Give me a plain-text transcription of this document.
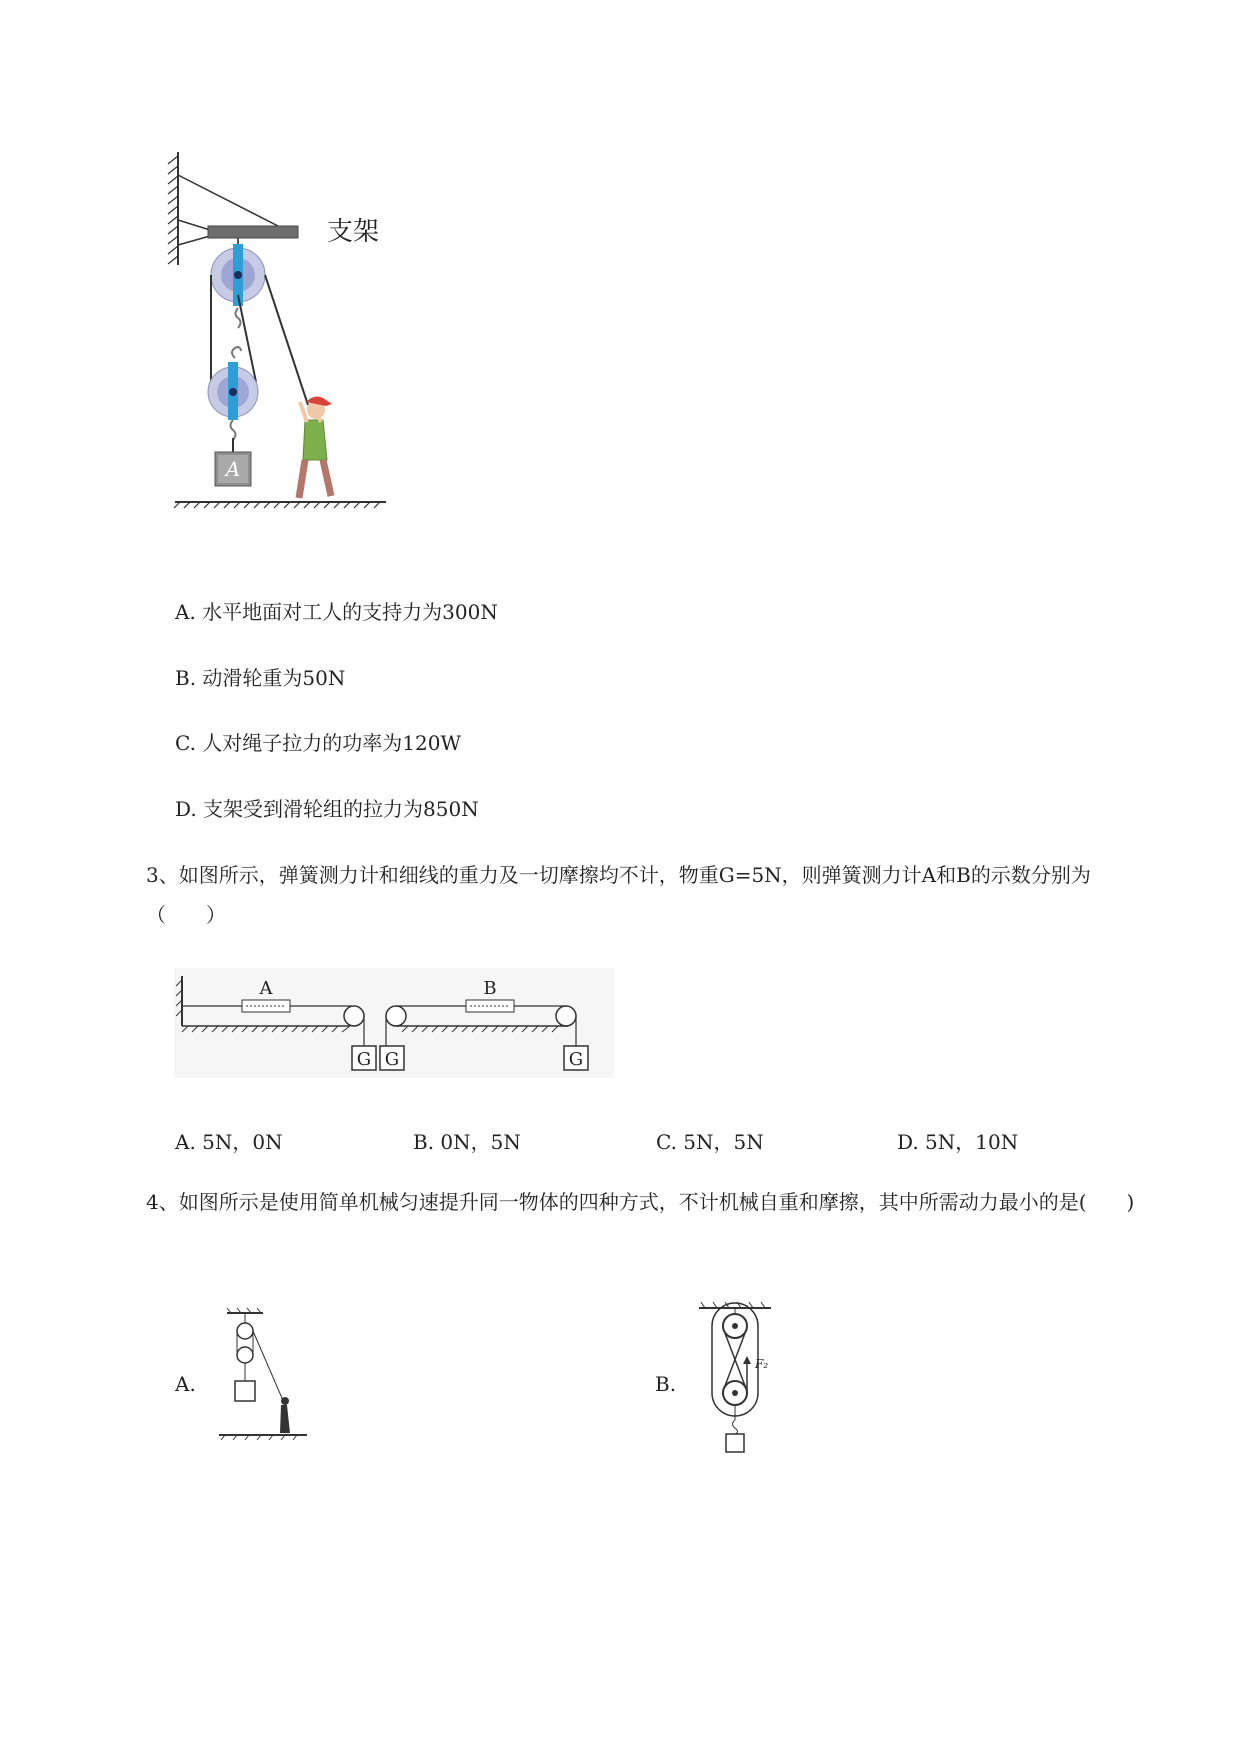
A
支架
A. 水平地面对工人的支持力为300N
B. 动滑轮重为50N
C. 人对绳子拉力的功率为120W
D. 支架受到滑轮组的拉力为850N
3、如图所示，弹簧测力计和细线的重力及一切摩擦均不计，物重G=5N，则弹簧测力计A和B的示数分别为（　　）
A
G G
B
G
A. 5N，0N	B. 0N，5N	C. 5N，5N	D. 5N，10N
4、如图所示是使用简单机械匀速提升同一物体的四种方式，不计机械自重和摩擦，其中所需动力最小的是(　　)
A.	B.
F₂
